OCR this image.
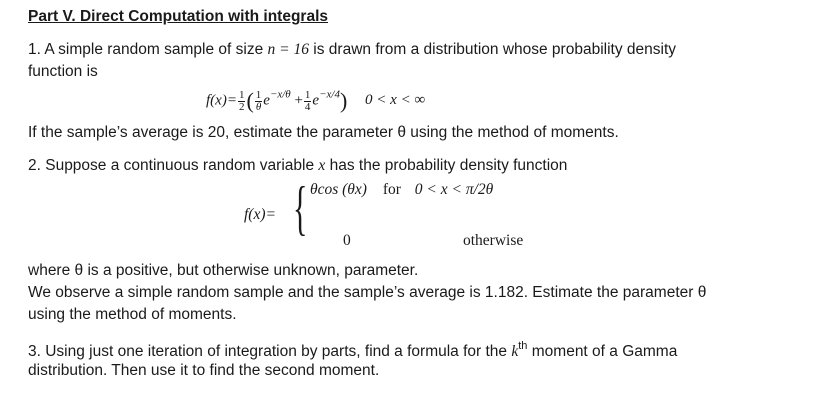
Part V. Direct Computation with integrals
1. A simple random sample of size n = 16 is drawn from a distribution whose probability density
function is
$f(x)= \frac{1}{2}$ ( $\frac{1}{\theta} e^{-x/\theta} + \frac{1}{4} e^{-x/4}$) 0 < x < ∞
If the sample’s average is 20, estimate the parameter θ using the method of moments.
2. Suppose a continuous random variable x has the probability density function
f(x)= { θcos (θx) for 0 < x < π/2θ
0	otherwise
where θ is a positive, but otherwise unknown, parameter.
We observe a simple random sample and the sample’s average is 1.182. Estimate the parameter θ
using the method of moments.
3. Using just one iteration of integration by parts, find a formula for the $k^{th}$ moment of a Gamma
distribution. Then use it to find the second moment.
